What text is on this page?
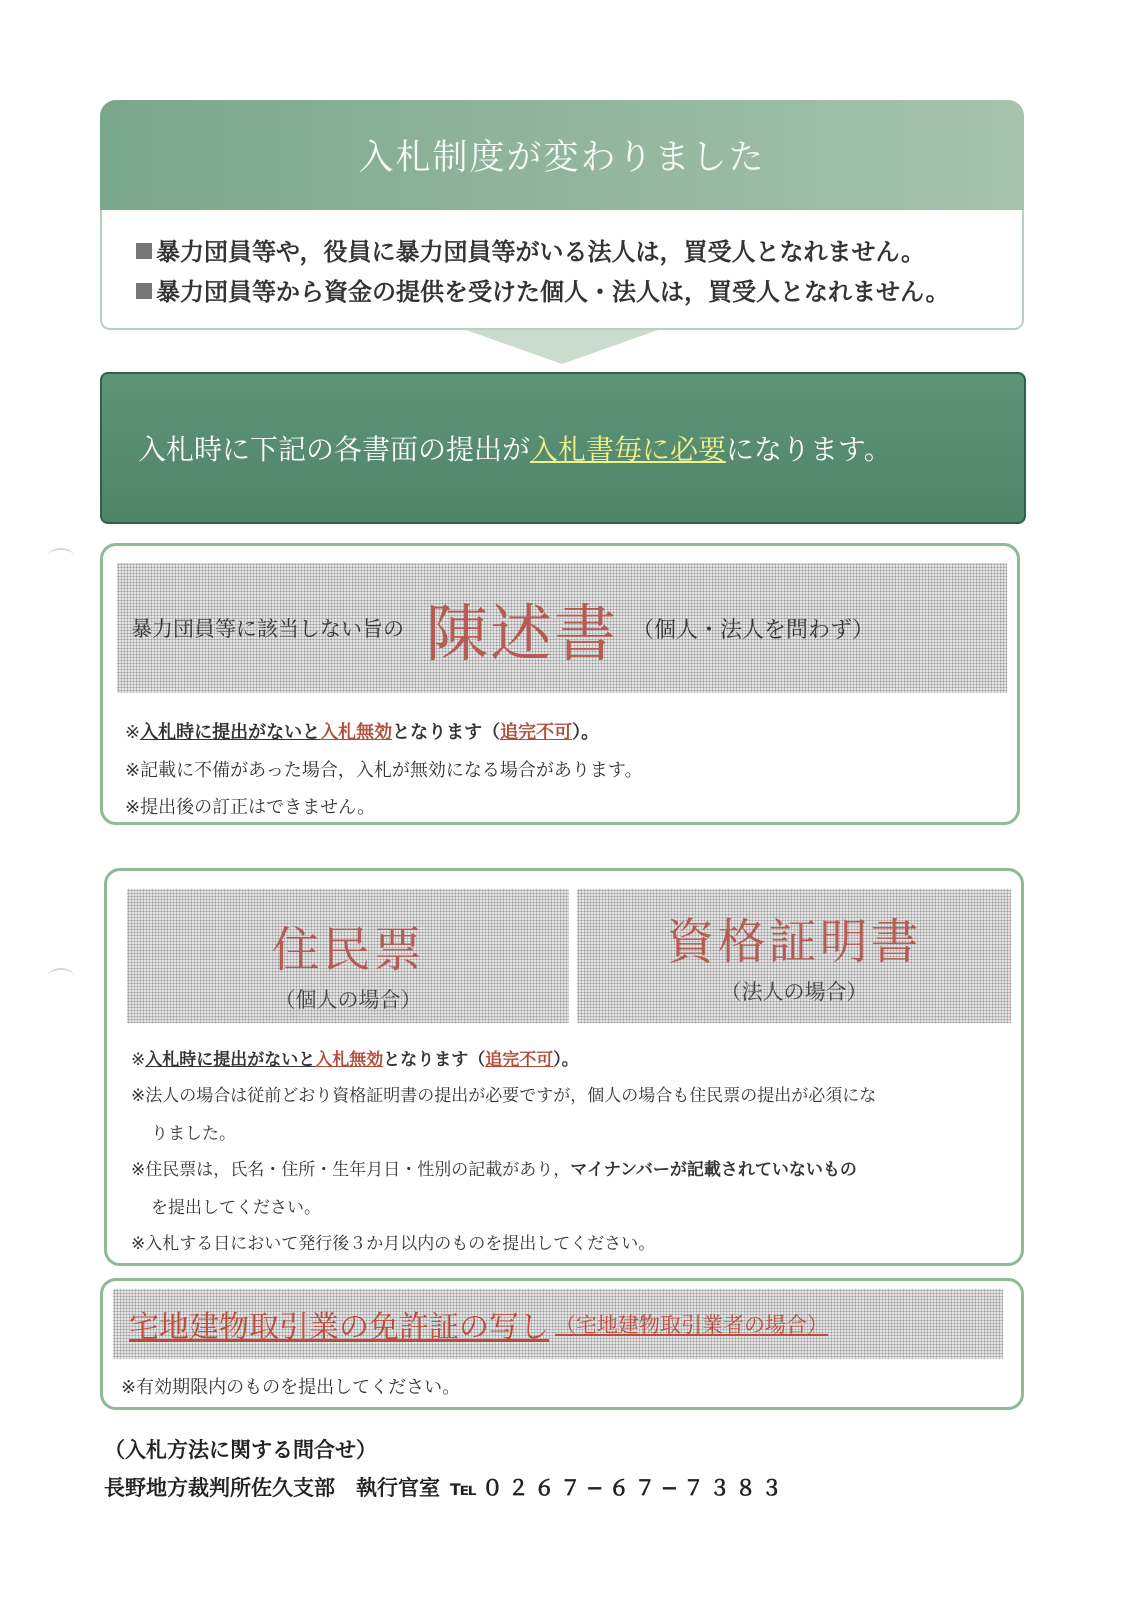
入札制度が変わりました
暴力団員等や，役員に暴力団員等がいる法人は，買受人となれません。
暴力団員等から資金の提供を受けた個人・法人は，買受人となれません。
入札時に下記の各書面の提出が入札書毎に必要になります。
暴力団員等に該当しない旨の 陳述書 （個人・法人を問わず）
※入札時に提出がないと入札無効となります（追完不可）。
※記載に不備があった場合，入札が無効になる場合があります。
※提出後の訂正はできません。
住民票
（個人の場合）
資格証明書
（法人の場合）
※入札時に提出がないと入札無効となります（追完不可）。
※法人の場合は従前どおり資格証明書の提出が必要ですが，個人の場合も住民票の提出が必須にな
りました。
※住民票は，氏名・住所・生年月日・性別の記載があり，マイナンバーが記載されていないもの
を提出してください。
※入札する日において発行後３か月以内のものを提出してください。
宅地建物取引業の免許証の写し （宅地建物取引業者の場合）
※有効期限内のものを提出してください。
（入札方法に関する問合せ）
長野地方裁判所佐久支部　執行官室 ℡０２６７−６７−７３８３
